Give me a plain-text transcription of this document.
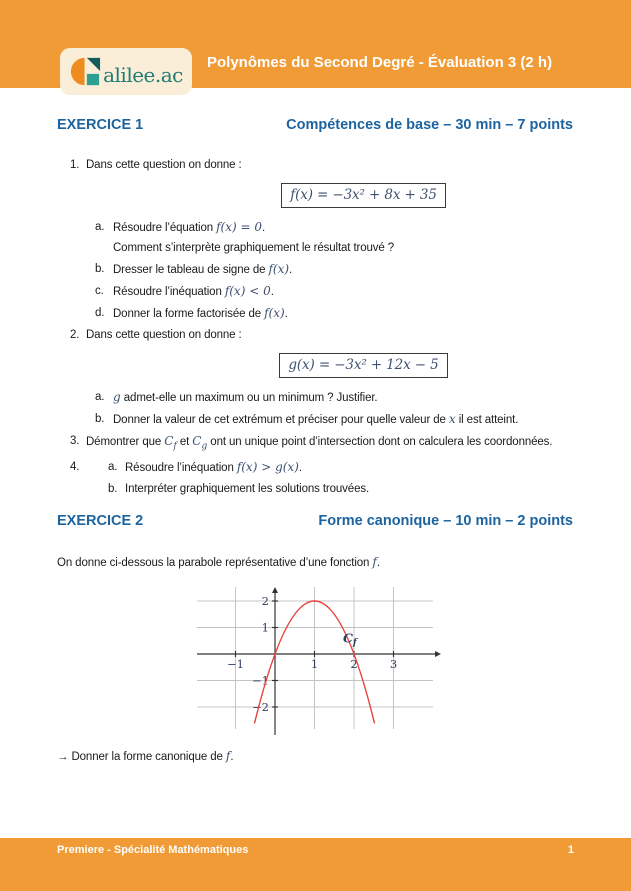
alilee.ac Polynômes du Second Degré - Évaluation 3 (2 h)
EXERCICE 1	Compétences de base – 30 min – 7 points
1. Dans cette question on donne :
f(x) = −3x² + 8x + 35
a. Résoudre l’équation f(x) = 0.
Comment s’interprète graphiquement le résultat trouvé ?
b. Dresser le tableau de signe de f(x).
c. Résoudre l’inéquation f(x) < 0.
d. Donner la forme factorisée de f(x).
2. Dans cette question on donne :
g(x) = −3x² + 12x − 5
a. g admet-elle un maximum ou un minimum ? Justifier.
b. Donner la valeur de cet extrémum et préciser pour quelle valeur de x il est atteint.
3. Démontrer que $C_f$ et $C_g$ ont un unique point d’intersection dont on calculera les coordonnées.
4.	a. Résoudre l’inéquation f(x) > g(x).
b. Interpréter graphiquement les solutions trouvées.
EXERCICE 2	Forme canonique – 10 min – 2 points
On donne ci-dessous la parabole représentative d’une fonction f.
−1	1	2	3
−2
−1
1
2
$C_f$
→ Donner la forme canonique de f.
Premiere - Spécialité Mathématiques	1
